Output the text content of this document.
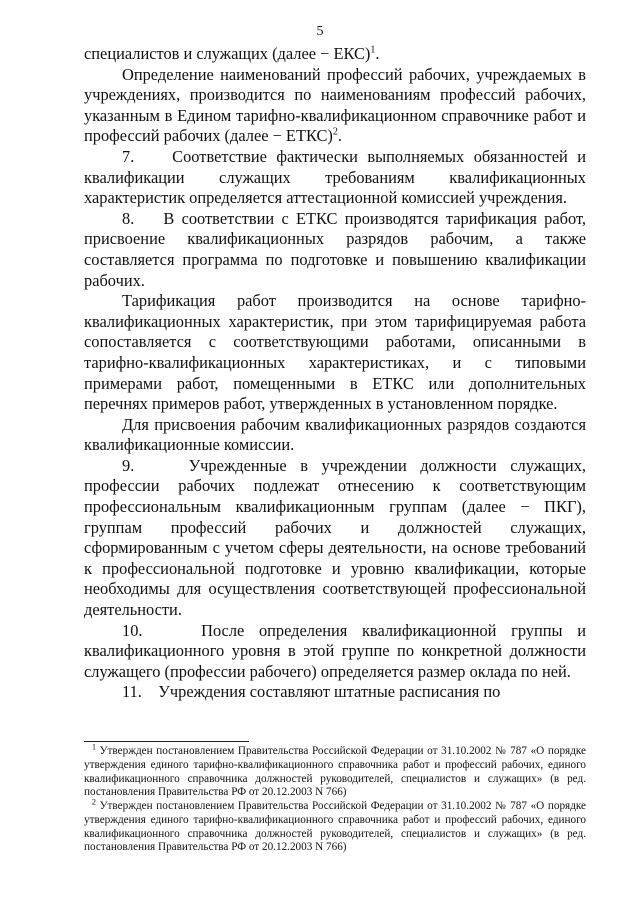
5

специалистов и служащих (далее − ЕКС)$^1$.

Определение наименований профессий рабочих, учреждаемых в учреждениях, производится по наименованиям профессий рабочих, указанным в Едином тарифно-квалификационном справочнике работ и профессий рабочих (далее − ЕТКС)$^2$.

7.    Соответствие фактически выполняемых обязанностей и квалификации служащих требованиям квалификационных характеристик определяется аттестационной комиссией учреждения.

8.    В соответствии с ЕТКС производятся тарификация работ, присвоение квалификационных разрядов рабочим, а также составляется программа по подготовке и повышению квалификации рабочих.

Тарификация работ производится на основе тарифно-квалификационных характеристик, при этом тарифицируемая работа сопоставляется с соответствующими работами, описанными в тарифно-квалификационных характеристиках, и с типовыми примерами работ, помещенными в ЕТКС или дополнительных перечнях примеров работ, утвержденных в установленном порядке.

Для присвоения рабочим квалификационных разрядов создаются квалификационные комиссии.

9.    Учрежденные в учреждении должности служащих, профессии рабочих подлежат отнесению к соответствующим профессиональным квалификационным группам (далее − ПКГ), группам профессий рабочих и должностей служащих, сформированным с учетом сферы деятельности, на основе требований к профессиональной подготовке и уровню квалификации, которые необходимы для осуществления соответствующей профессиональной деятельности.

10.    После определения квалификационной группы и квалификационного уровня в этой группе по конкретной должности служащего (профессии рабочего) определяется размер оклада по ней.

11.    Учреждения составляют штатные расписания по

$^1$ Утвержден постановлением Правительства Российской Федерации от 31.10.2002 № 787 «О порядке утверждения единого тарифно-квалификационного справочника работ и профессий рабочих, единого квалификационного справочника должностей руководителей, специалистов и служащих» (в ред. постановления Правительства РФ от 20.12.2003 N 766)

$^2$ Утвержден постановлением Правительства Российской Федерации от 31.10.2002 № 787 «О порядке утверждения единого тарифно-квалификационного справочника работ и профессий рабочих, единого квалификационного справочника должностей руководителей, специалистов и служащих» (в ред. постановления Правительства РФ от 20.12.2003 N 766)
